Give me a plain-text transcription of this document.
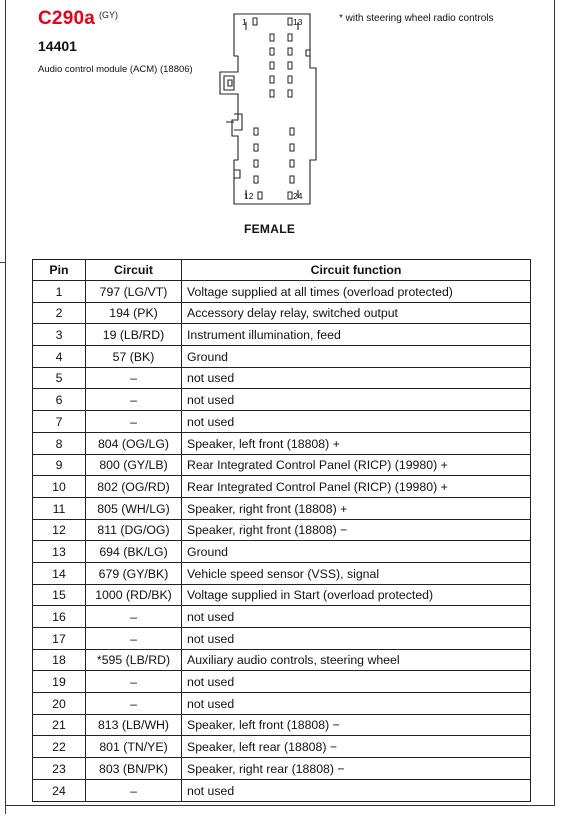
C290a $^{(GY)}$
14401
Audio control module (ACM) (18806)
* with steering wheel radio controls
1	13
12	24
FEMALE
Pin	Circuit	Circuit function
1	797 (LG/VT)	Voltage supplied at all times (overload protected)
2	194 (PK)	Accessory delay relay, switched output
3	19 (LB/RD)	Instrument illumination, feed
4	57 (BK)	Ground
5	–	not used
6	–	not used
7	–	not used
8	804 (OG/LG)	Speaker, left front (18808) +
9	800 (GY/LB)	Rear Integrated Control Panel (RICP) (19980) +
10	802 (OG/RD)	Rear Integrated Control Panel (RICP) (19980) +
11	805 (WH/LG)	Speaker, right front (18808) +
12	811 (DG/OG)	Speaker, right front (18808) −
13	694 (BK/LG)	Ground
14	679 (GY/BK)	Vehicle speed sensor (VSS), signal
15	1000 (RD/BK)	Voltage supplied in Start (overload protected)
16	–	not used
17	–	not used
18	*595 (LB/RD)	Auxiliary audio controls, steering wheel
19	–	not used
20	–	not used
21	813 (LB/WH)	Speaker, left front (18808) −
22	801 (TN/YE)	Speaker, left rear (18808) −
23	803 (BN/PK)	Speaker, right rear (18808) −
24	–	not used
